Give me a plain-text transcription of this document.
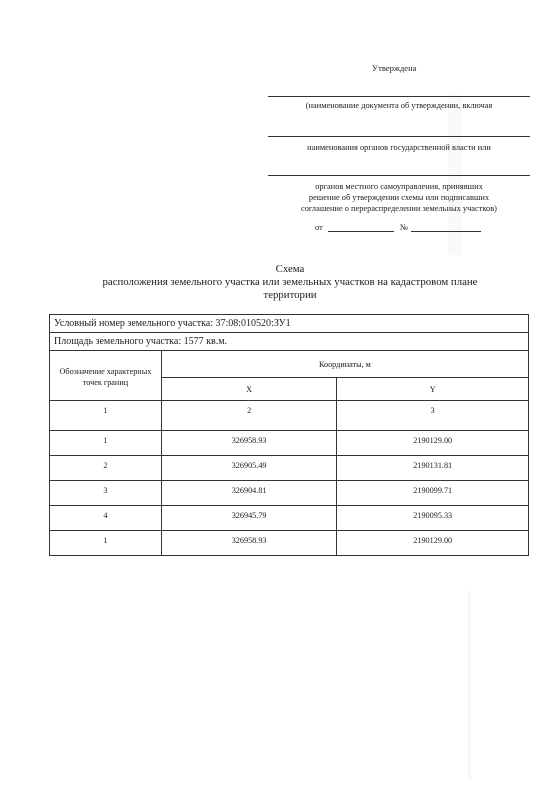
Утверждена
(наименование документа об утверждении, включая
наименования органов государственной власти или
органов местного самоуправления, принявших
решение об утверждении схемы или подписавших
соглашение о перераспределении земельных участков)
от	№
Схема
расположения земельного участка или земельных участков на кадастровом плане
территории
Условный номер земельного участка: 37:08:010520:ЗУ1		
Площадь земельного участка: 1577 кв.м.		
Обозначение характерных точек границ	Координаты, м	
	X	Y
1	2	3
1	326958.93	2190129.00
2	326905.49	2190131.81
3	326904.81	2190099.71
4	326945.79	2190095.33
1	326958.93	2190129.00
